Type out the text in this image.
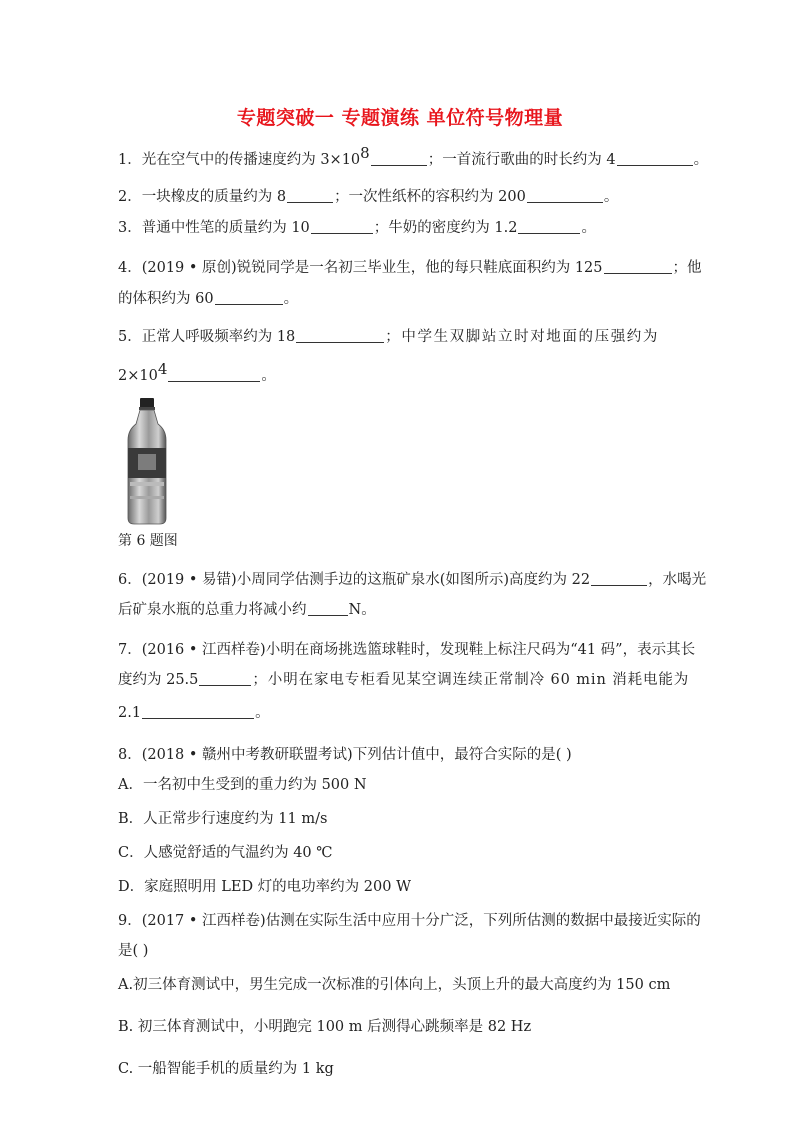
专题突破一 专题演练 单位符号物理量
1．光在空气中的传播速度约为 $3\times 10^8$	；一首流行歌曲的时长约为 4	。
2．一块橡皮的质量约为 8	；一次性纸杯的容积约为 200	。
3．普通中性笔的质量约为 10	；牛奶的密度约为 1.2	。
4．(2019 • 原创)锐锐同学是一名初三毕业生，他的每只鞋底面积约为 125	；他
的体积约为 60	。
5．正常人呼吸频率约为 18	；中学生双脚站立时对地面的压强约为
$2\times 10^4$	。
第 6 题图
6．(2019 • 易错)小周同学估测手边的这瓶矿泉水(如图所示)高度约为 22	，水喝光
后矿泉水瓶的总重力将减小约	N。
7．(2016 • 江西样卷)小明在商场挑选篮球鞋时，发现鞋上标注尺码为“41 码”，表示其长
度约为 25.5	；小明在家电专柜看见某空调连续正常制冷 60 min 消耗电能为
2.1	。
8．(2018 • 赣州中考教研联盟考试)下列估计值中，最符合实际的是( )
A．一名初中生受到的重力约为 500 N
B．人正常步行速度约为 11 m/s
C．人感觉舒适的气温约为 40 ℃
D．家庭照明用 LED 灯的电功率约为 200 W
9．(2017 • 江西样卷)估测在实际生活中应用十分广泛，下列所估测的数据中最接近实际的
是( )
A.初三体育测试中，男生完成一次标准的引体向上，头顶上升的最大高度约为 150 cm
B. 初三体育测试中，小明跑完 100 m 后测得心跳频率是 82 Hz
C. 一船智能手机的质量约为 1 kg
